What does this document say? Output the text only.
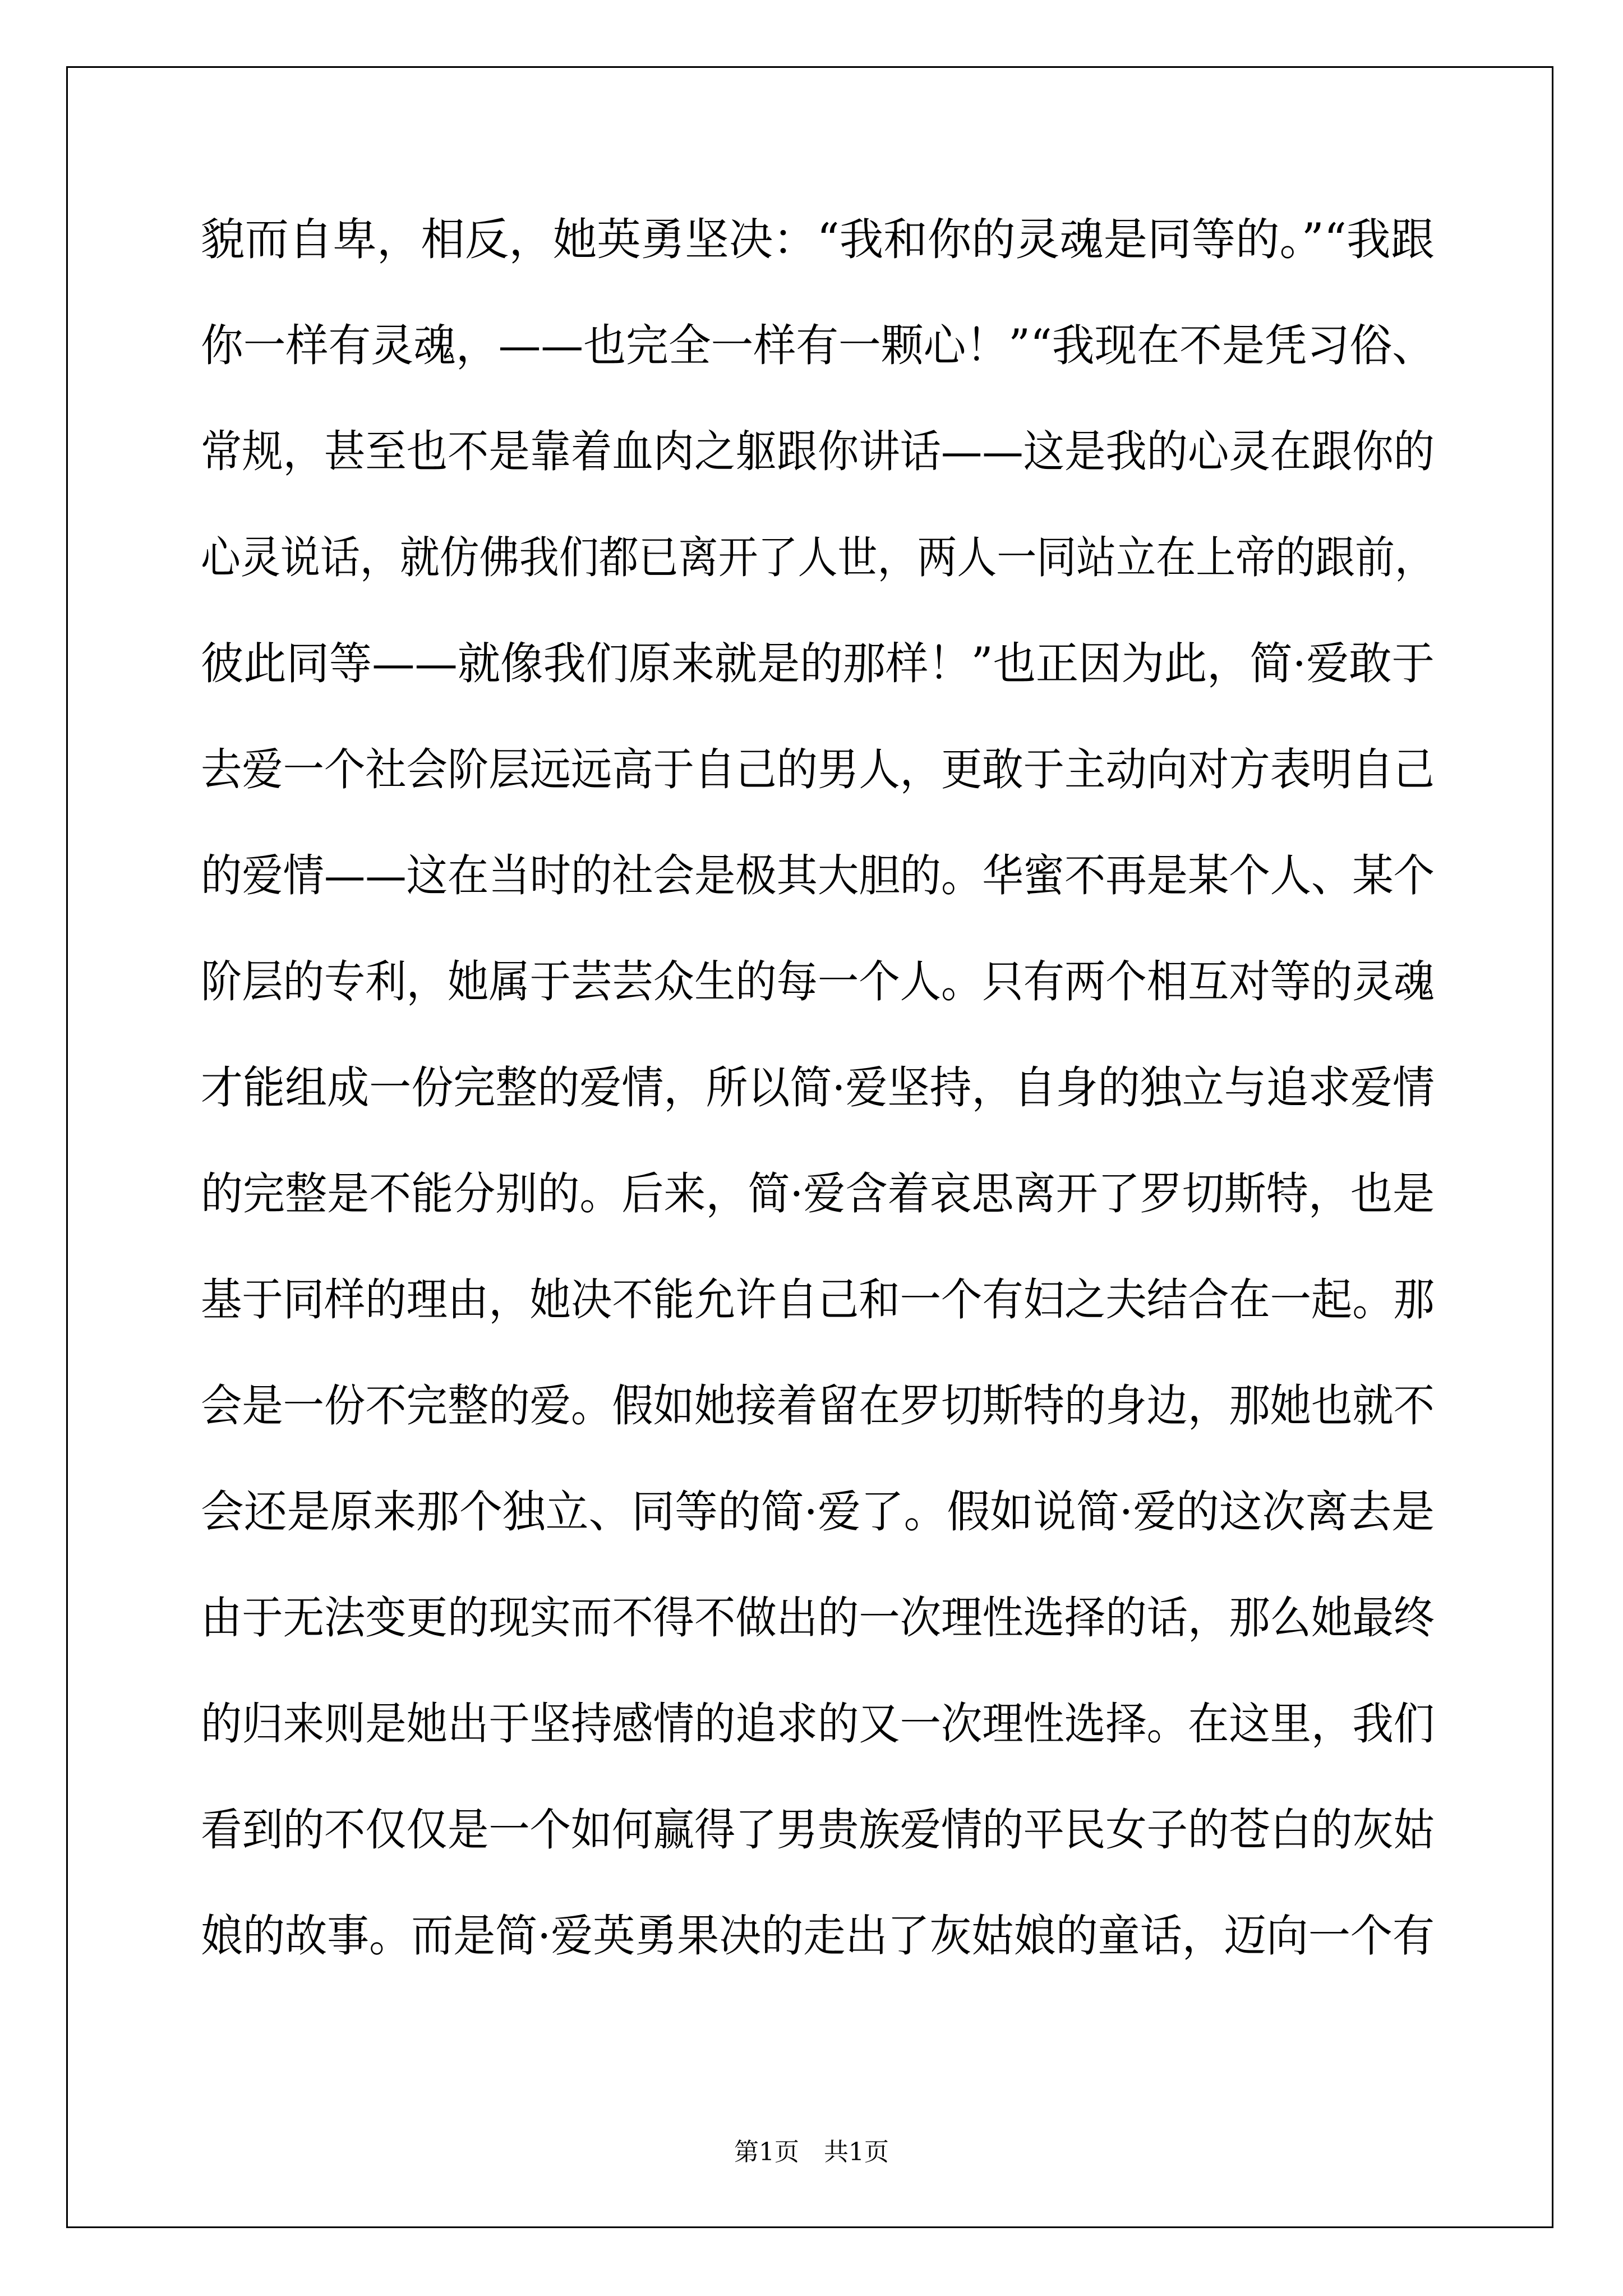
貌而自卑，相反，她英勇坚决：“我和你的灵魂是同等的。”“我跟
你一样有灵魂，——也完全一样有一颗心！”“我现在不是凭习俗、
常规，甚至也不是靠着血肉之躯跟你讲话——这是我的心灵在跟你的
心灵说话，就仿佛我们都已离开了人世，两人一同站立在上帝的跟前，
彼此同等——就像我们原来就是的那样！”也正因为此，简·爱敢于
去爱一个社会阶层远远高于自己的男人，更敢于主动向对方表明自己
的爱情——这在当时的社会是极其大胆的。华蜜不再是某个人、某个
阶层的专利，她属于芸芸众生的每一个人。只有两个相互对等的灵魂
才能组成一份完整的爱情，所以简·爱坚持，自身的独立与追求爱情
的完整是不能分别的。后来，简·爱含着哀思离开了罗切斯特，也是
基于同样的理由，她决不能允许自己和一个有妇之夫结合在一起。那
会是一份不完整的爱。假如她接着留在罗切斯特的身边，那她也就不
会还是原来那个独立、同等的简·爱了。假如说简·爱的这次离去是
由于无法变更的现实而不得不做出的一次理性选择的话，那么她最终
的归来则是她出于坚持感情的追求的又一次理性选择。在这里，我们
看到的不仅仅是一个如何赢得了男贵族爱情的平民女子的苍白的灰姑
娘的故事。而是简·爱英勇果决的走出了灰姑娘的童话，迈向一个有
第1页　共1页
